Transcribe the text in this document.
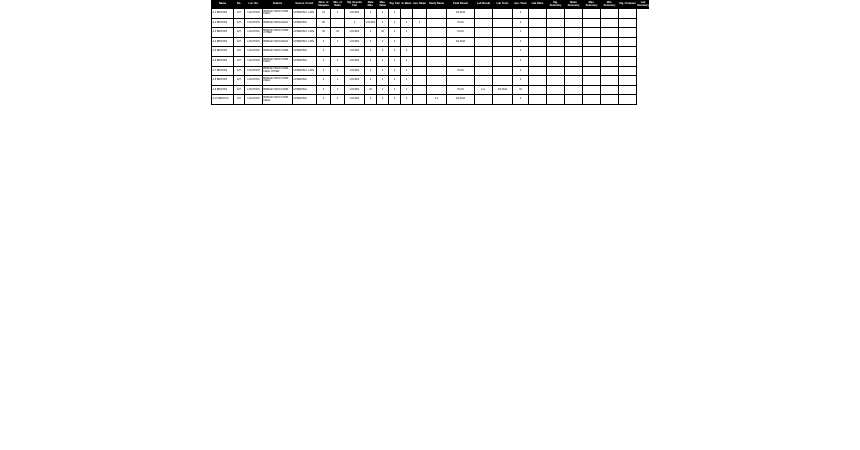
Name	No.	Loc. No.	Feature	Source / Cond.	Num. of Samples	Min. of Ratio	Sig. Results Fail	Rate Max.	Max. Value	Sig. Fail	In Mean	Ave. Mean	Study Name	Field Result	Lab Result	Lab Tests	Ave. Tests	Lab Ratio	Sig. Summary	Mean Summary	Max. Summary	Min. Summary	Sig. Compare	Lab Summary
A-1 BROOKS	107	LOCATION	BRIDGE TRAIN COND. FIELD	UPPER BLK. LATE	21	4	LOCATE	4	2	4				D4.4344			4							
A-2 BROOKS	107	LOCATION	BRIDGE TRAIN FIELD	UPPER BLK.	25		4	LOCATE	4	4	4	4		PLAN			4							
A-3 BROOKS	107	LOCATION	BRIDGE TRAIN COND. OTHER	UPPER BLK. LATE	45	45	LOCATE	4	45	4	4			PLAN			4							
A-4 BROOKS	107	LOCATION	BRIDGE TRAIN FIELD	UPPER BLK. LATE	4	4	LOCATE	4	4	4				D4.4344			4							
A-5 BROOKS	107	LOCATION	BRIDGE TRAIN COND.	UPPER BLK.	4		LOCATE	4	4	4	4						4							
A-6 BROOKS	107	LOCATION	BRIDGE TRAIN COND. FIELD	UPPER BLK.	4	4	LOCATE	4	4	4	4						4							
A-7 BROOKS	107	LOCATION	BRIDGE TRAIN COND. FIELD OTHER	UPPER BLK. LATE	4	4	LOCATE	4	4	4	4			PLAN			4							
A-8 BROOKS	107	LOCATION	BRIDGE TRAIN COND. FIELD	UPPER BLK.	4	4	LOCATE	4	4	4	4						4							
A-9 BROOKS	107	LOCATION	BRIDGE TRAIN COND.	UPPER BLK.	4	4	LOCATE	44	4	4	4			PLAN	Loc.	D4.4344	44							
A-10 BROOKS	107	LOCATION	BRIDGE TRAIN COND. FIELD	UPPER BLK.	4	4	LOCATE	4	4	4	4		4.4	D4.4344			4							
